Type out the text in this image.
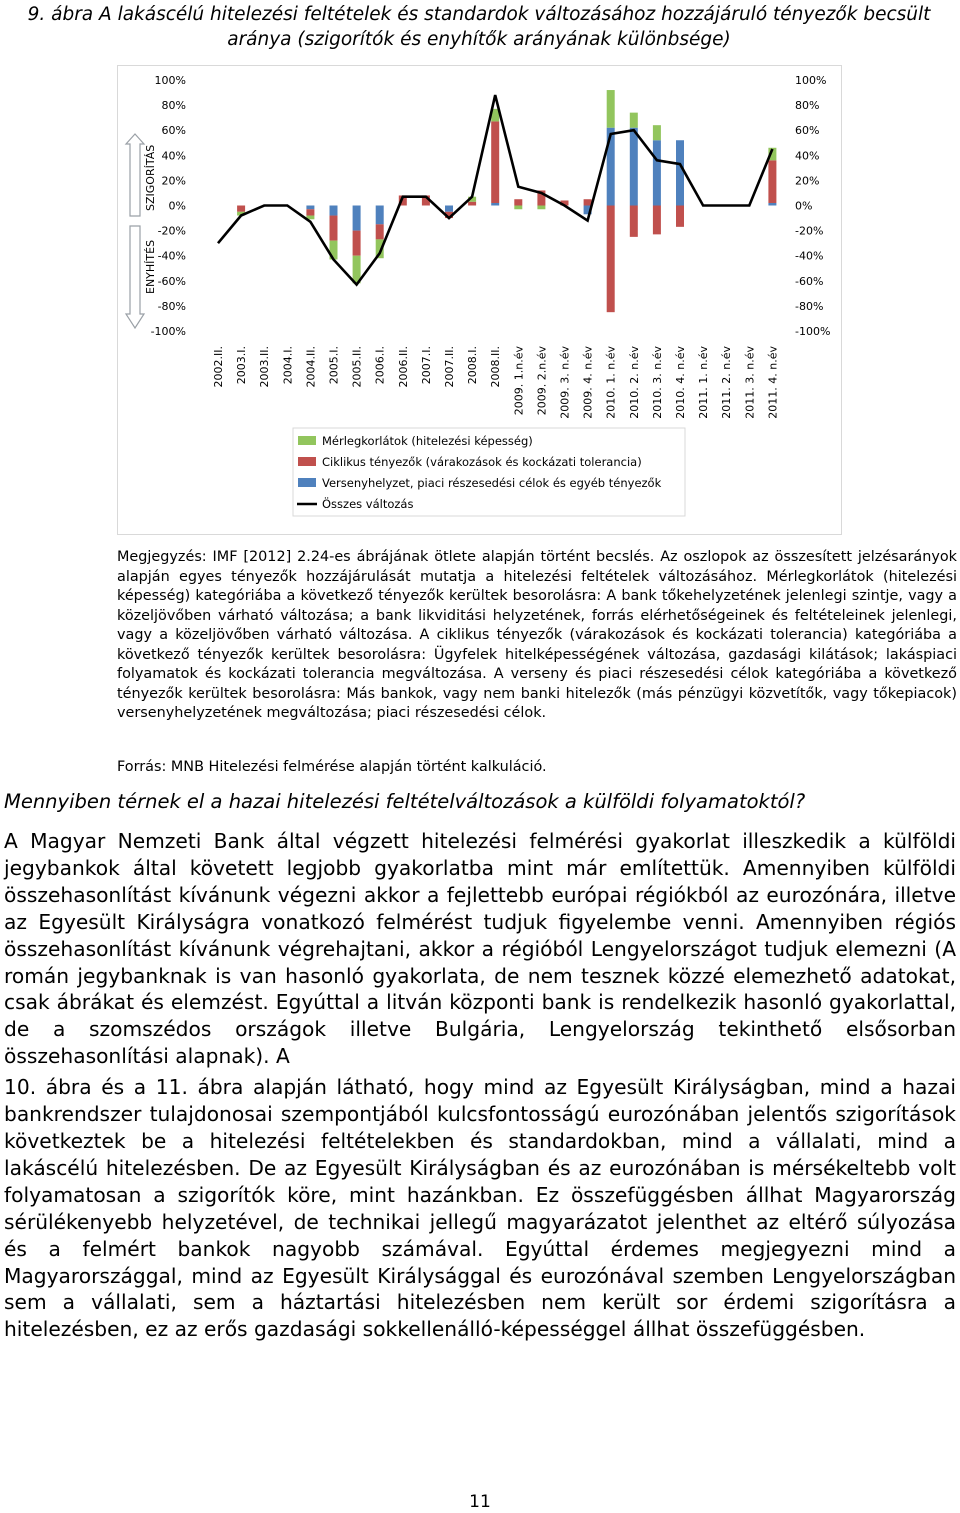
9. ábra A lakáscélú hitelezési feltételek és standardok változásához hozzájáruló tényezők becsült aránya (szigorítók és enyhítők arányának különbsége)
100%
80%
60%
40%
20%
0%
-20%
-40%
-60%
-80%
-100%
100%
80%
60%
40%
20%
0%
-20%
-40%
-60%
-80%
-100%
SZIGORÍTÁS
ENYHÍTÉS
2002.II. 2003.I. 2003.II. 2004.I. 2004.II. 2005.I. 2005.II. 2006.I. 2006.II. 2007.I. 2007.II. 2008.I. 2008.II. 2009. 1.n.év 2009. 2.n.év 2009. 3. n.év 2009. 4. n.év 2010. 1. n.év 2010. 2. n.év 2010. 3. n.év 2010. 4. n.év 2011. 1. n.év 2011. 2. n.év 2011. 3. n.év 2011. 4. n.év
Mérlegkorlátok (hitelezési képesség)
Ciklikus tényezők (várakozások és kockázati tolerancia)
Versenyhelyzet, piaci részesedési célok és egyéb tényezők
Összes változás

Megjegyzés: IMF [2012] 2.24-es ábrájának ötlete alapján történt becslés. Az oszlopok az összesített jelzésarányok alapján egyes tényezők hozzájárulását mutatja a hitelezési feltételek változásához. Mérlegkorlátok (hitelezési képesség) kategóriába a következő tényezők kerültek besorolásra: A bank tőkehelyzetének jelenlegi szintje, vagy a közeljövőben várható változása; a bank likviditási helyzetének, forrás elérhetőségeinek és feltételeinek jelenlegi, vagy a közeljövőben várható változása. A ciklikus tényezők (várakozások és kockázati tolerancia) kategóriába a következő tényezők kerültek besorolásra: Ügyfelek hitelképességének változása, gazdasági kilátások; lakáspiaci folyamatok és kockázati tolerancia megváltozása. A verseny és piaci részesedési célok kategóriába a következő tényezők kerültek besorolásra: Más bankok, vagy nem banki hitelezők (más pénzügyi közvetítők, vagy tőkepiacok) versenyhelyzetének megváltozása; piaci részesedési célok.

Forrás: MNB Hitelezési felmérése alapján történt kalkuláció.
Mennyiben térnek el a hazai hitelezési feltételváltozások a külföldi folyamatoktól?

A Magyar Nemzeti Bank által végzett hitelezési felmérési gyakorlat illeszkedik a külföldi jegybankok által követett legjobb gyakorlatba mint már említettük. Amennyiben külföldi összehasonlítást kívánunk végezni akkor a fejlettebb európai régiókból az eurozónára, illetve az Egyesült Királyságra vonatkozó felmérést tudjuk figyelembe venni. Amennyiben régiós összehasonlítást kívánunk végrehajtani, akkor a régióból Lengyelországot tudjuk elemezni (A román jegybanknak is van hasonló gyakorlata, de nem tesznek közzé elemezhető adatokat, csak ábrákat és elemzést. Egyúttal a litván központi bank is rendelkezik hasonló gyakorlattal, de a szomszédos országok illetve Bulgária, Lengyelország tekinthető elsősorban összehasonlítási alapnak). A

10. ábra és a 11. ábra alapján látható, hogy mind az Egyesült Királyságban, mind a hazai bankrendszer tulajdonosai szempontjából kulcsfontosságú eurozónában jelentős szigorítások következtek be a hitelezési feltételekben és standardokban, mind a vállalati, mind a lakáscélú hitelezésben. De az Egyesült Királyságban és az eurozónában is mérsékeltebb volt folyamatosan a szigorítók köre, mint hazánkban. Ez összefüggésben állhat Magyarország sérülékenyebb helyzetével, de technikai jellegű magyarázatot jelenthet az eltérő súlyozása és a felmért bankok nagyobb számával. Egyúttal érdemes megjegyezni mind a Magyarországgal, mind az Egyesült Királysággal és eurozónával szemben Lengyelországban sem a vállalati, sem a háztartási hitelezésben nem került sor érdemi szigorításra a hitelezésben, ez az erős gazdasági sokkellenálló-képességgel állhat összefüggésben.

11
